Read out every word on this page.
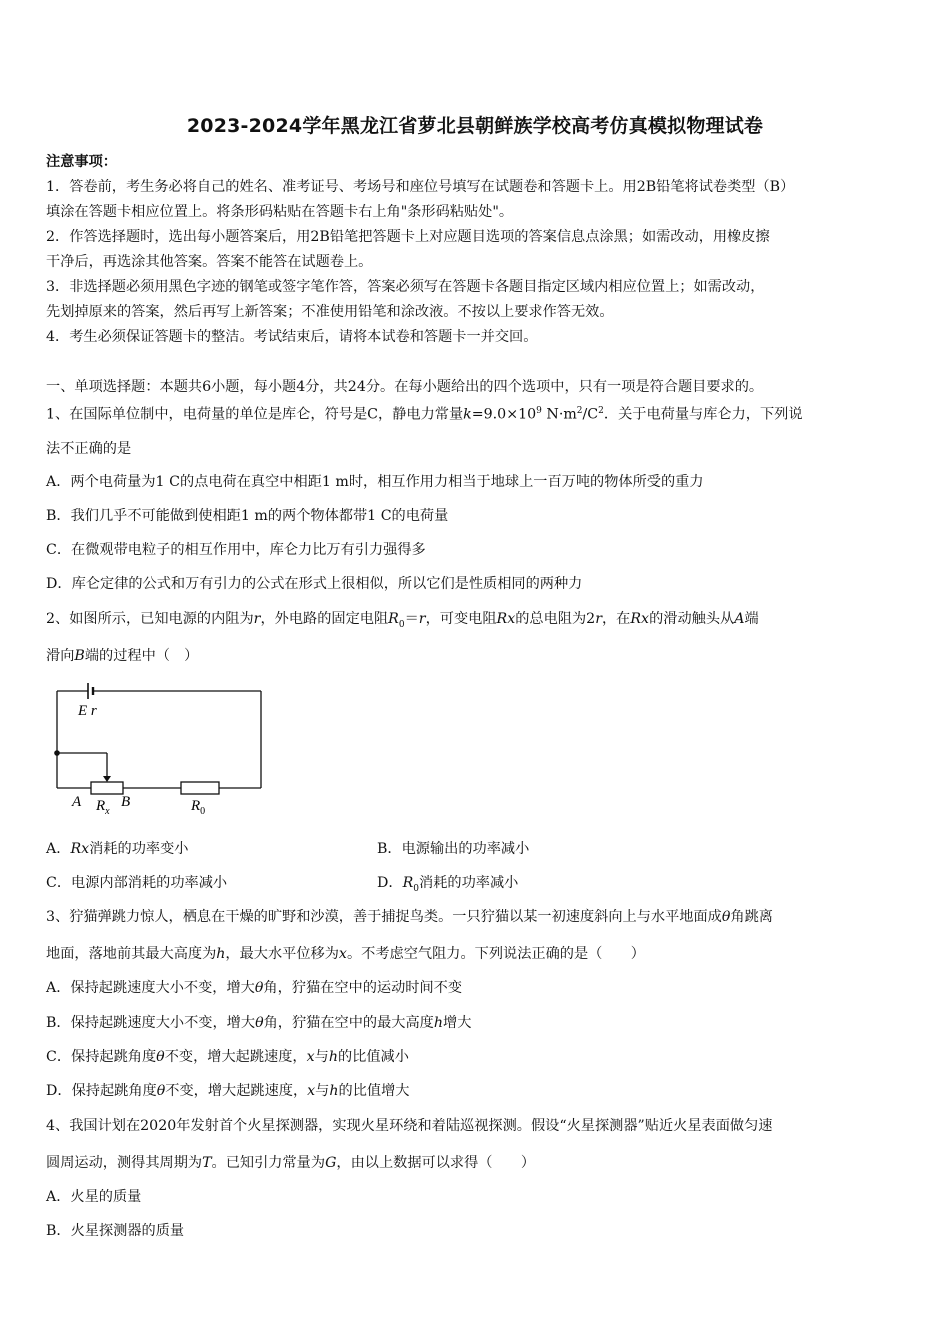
2023-2024学年黑龙江省萝北县朝鲜族学校高考仿真模拟物理试卷
注意事项：
1．答卷前，考生务必将自己的姓名、准考证号、考场号和座位号填写在试题卷和答题卡上。用2B铅笔将试卷类型（B）
填涂在答题卡相应位置上。将条形码粘贴在答题卡右上角"条形码粘贴处"。
2．作答选择题时，选出每小题答案后，用2B铅笔把答题卡上对应题目选项的答案信息点涂黑；如需改动，用橡皮擦
干净后，再选涂其他答案。答案不能答在试题卷上。
3．非选择题必须用黑色字迹的钢笔或签字笔作答，答案必须写在答题卡各题目指定区域内相应位置上；如需改动，
先划掉原来的答案，然后再写上新答案；不准使用铅笔和涂改液。不按以上要求作答无效。
4．考生必须保证答题卡的整洁。考试结束后，请将本试卷和答题卡一并交回。
一、单项选择题：本题共6小题，每小题4分，共24分。在每小题给出的四个选项中，只有一项是符合题目要求的。
1、在国际单位制中，电荷量的单位是库仑，符号是C，静电力常量$k=9.0\times 10^9$ $N\cdot m^2/C^2$．关于电荷量与库仑力，下列说
法不正确的是
A．两个电荷量为1 C的点电荷在真空中相距1 m时，相互作用力相当于地球上一百万吨的物体所受的重力
B．我们几乎不可能做到使相距1 m的两个物体都带1 C的电荷量
C．在微观带电粒子的相互作用中，库仑力比万有引力强得多
D．库仑定律的公式和万有引力的公式在形式上很相似，所以它们是性质相同的两种力
2、如图所示，已知电源的内阻为r，外电路的固定电阻$R_0=r$，可变电阻Rx的总电阻为2r，在Rx的滑动触头从A端
滑向B端的过程中（　）
E r
A	B
$R_x$	$R_0$
A．Rx消耗的功率变小	B．电源输出的功率减小
C．电源内部消耗的功率减小	D．$R_0$消耗的功率减小
3、狞猫弹跳力惊人，栖息在干燥的旷野和沙漠，善于捕捉鸟类。一只狞猫以某一初速度斜向上与水平地面成θ角跳离
地面，落地前其最大高度为h，最大水平位移为x。不考虑空气阻力。下列说法正确的是（　　）
A．保持起跳速度大小不变，增大θ角，狞猫在空中的运动时间不变
B．保持起跳速度大小不变，增大θ角，狞猫在空中的最大高度h增大
C．保持起跳角度θ不变，增大起跳速度，x与h的比值减小
D．保持起跳角度θ不变，增大起跳速度，x与h的比值增大
4、我国计划在2020年发射首个火星探测器，实现火星环绕和着陆巡视探测。假设“火星探测器”贴近火星表面做匀速
圆周运动，测得其周期为T。已知引力常量为G，由以上数据可以求得（　　）
A．火星的质量
B．火星探测器的质量
